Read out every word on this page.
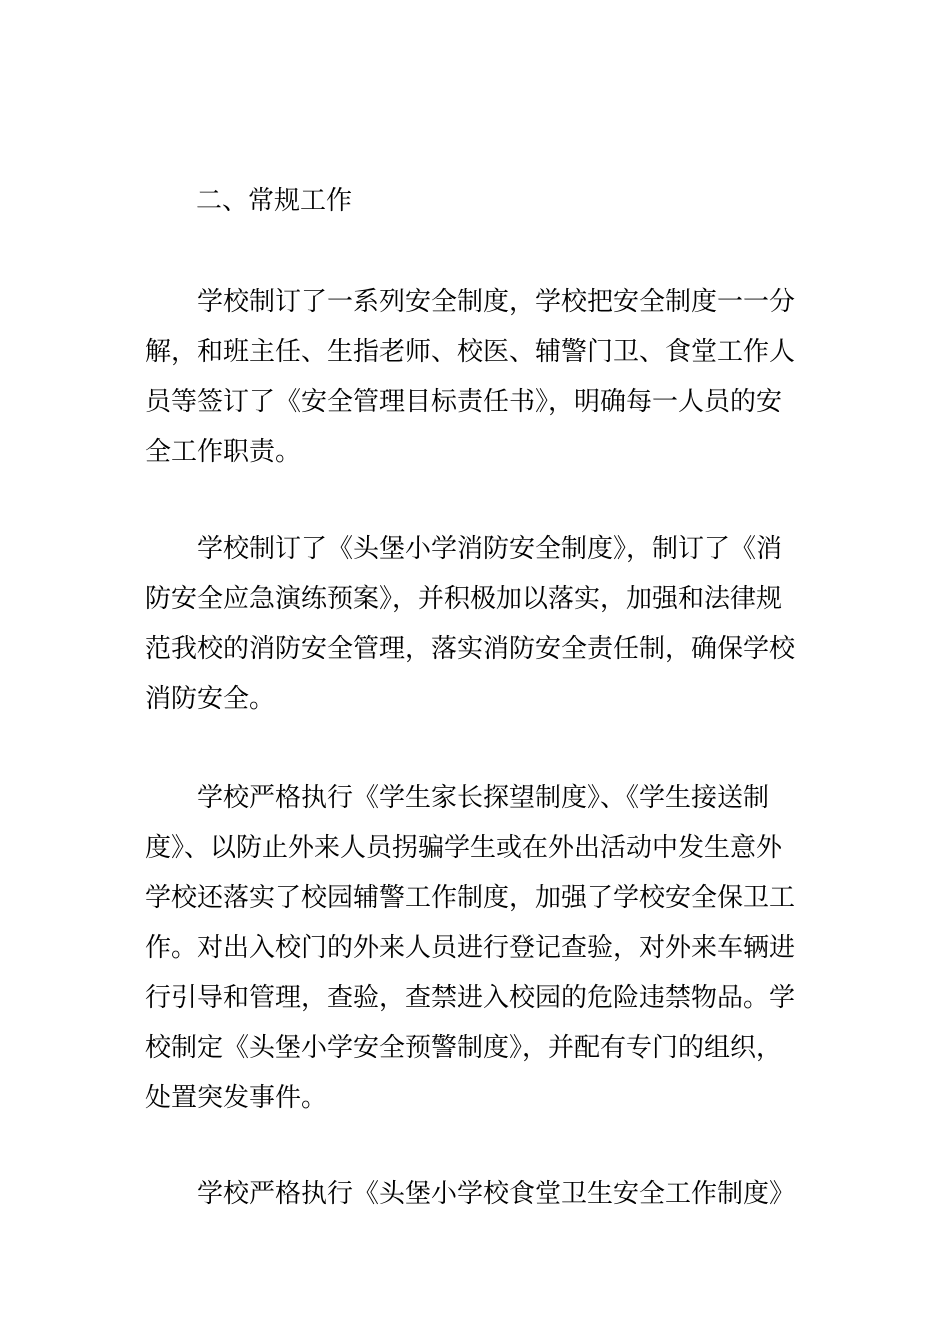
二、常规工作

学校制订了一系列安全制度，学校把安全制度一一分
解，和班主任、生指老师、校医、辅警门卫、食堂工作人
员等签订了《安全管理目标责任书》，明确每一人员的安
全工作职责。
学校制订了《头堡小学消防安全制度》，制订了《消
防安全应急演练预案》，并积极加以落实，加强和法律规
范我校的消防安全管理，落实消防安全责任制，确保学校
消防安全。
学校严格执行《学生家长探望制度》、《学生接送制
度》、以防止外来人员拐骗学生或在外出活动中发生意外
学校还落实了校园辅警工作制度，加强了学校安全保卫工
作。对出入校门的外来人员进行登记查验，对外来车辆进
行引导和管理，查验，查禁进入校园的危险违禁物品。学
校制定《头堡小学安全预警制度》，并配有专门的组织，
处置突发事件。
学校严格执行《头堡小学校食堂卫生安全工作制度》
